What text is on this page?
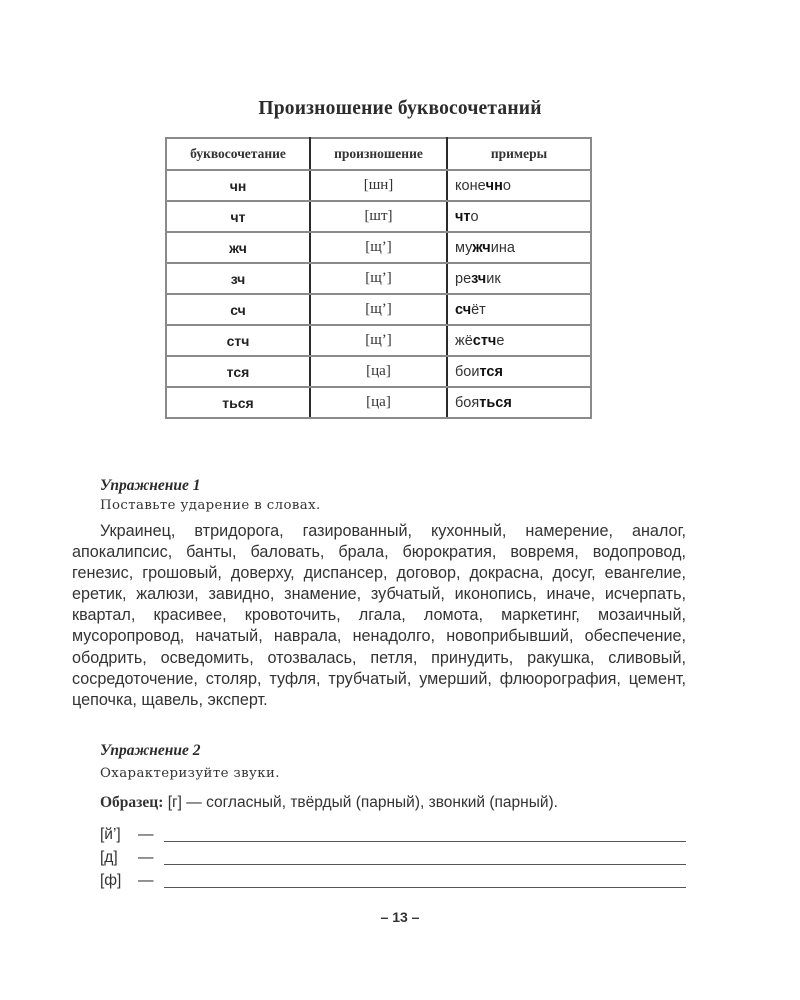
Произношение буквосочетаний
буквосочетание	произношение	примеры
чн	[шн]	конечно
чт	[шт]	что
жч	[щ’]	мужчина
зч	[щ’]	резчик
сч	[щ’]	счёт
стч	[щ’]	жёстче
тся	[ца]	боится
ться	[ца]	бояться
Упражнение 1
Поставьте ударение в словах.
Украинец, втридорога, газированный, кухонный, намерение, аналог, апокалипсис, банты, баловать, брала, бюрократия, вовремя, водопровод, генезис, грошовый, доверху, диспансер, договор, докрасна, досуг, евангелие, еретик, жалюзи, завидно, знамение, зубчатый, иконопись, иначе, исчерпать, квартал, красивее, кровоточить, лгала, ломота, маркетинг, мозаичный, мусоропровод, начатый, наврала, ненадолго, новоприбывший, обеспечение, ободрить, осведомить, отозвалась, петля, принудить, ракушка, сливовый, сосредоточение, столяр, туфля, трубчатый, умерший, флюорография, цемент, цепочка, щавель, эксперт.
Упражнение 2
Охарактеризуйте звуки.
Образец: [г] — согласный, твёрдый (парный), звонкий (парный).
[й’] —
[д] —
[ф] —
– 13 –
